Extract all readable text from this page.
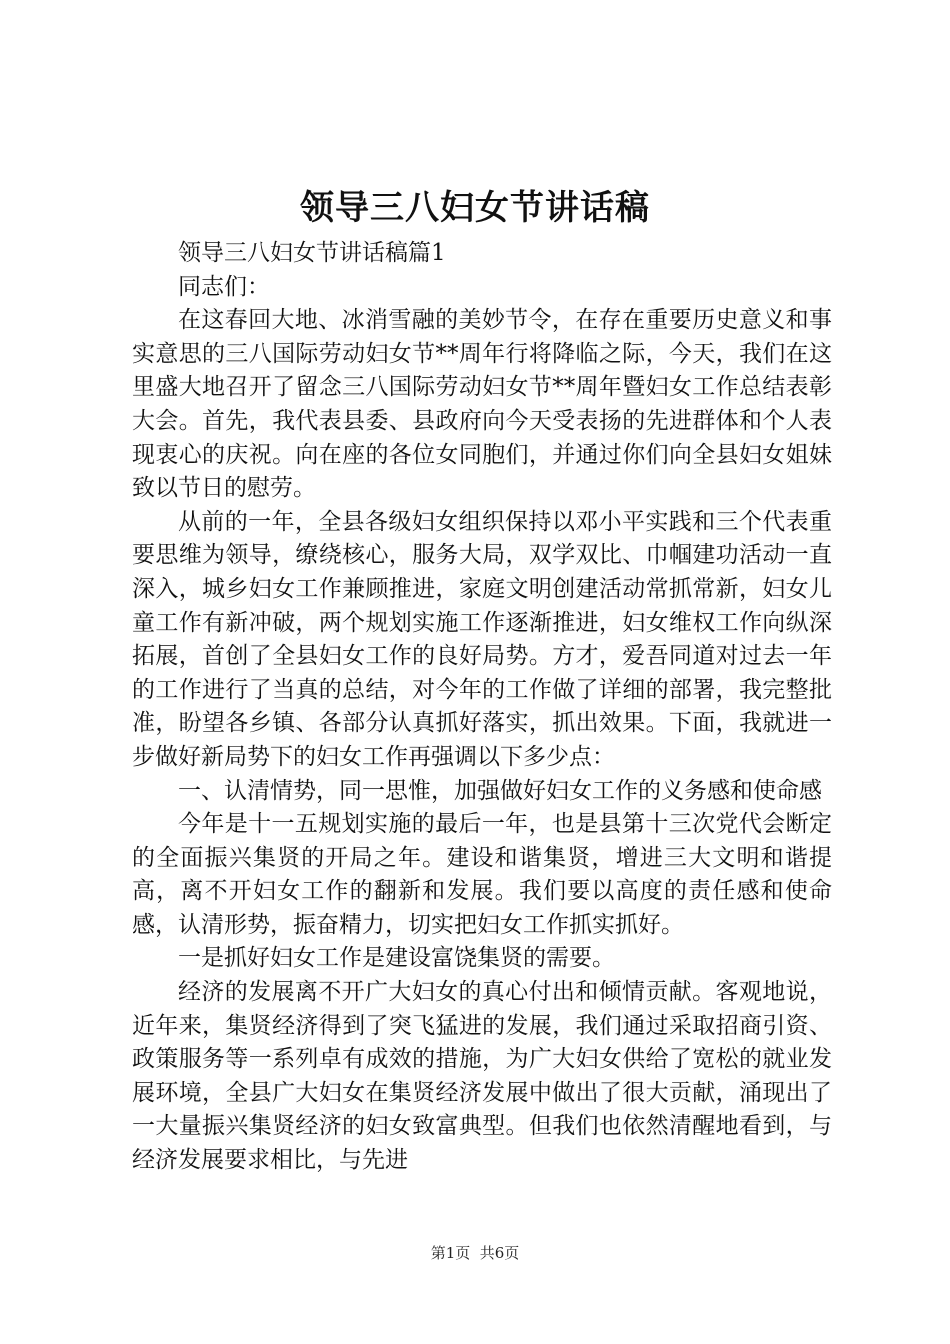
领导三八妇女节讲话稿

领导三八妇女节讲话稿篇1

同志们：

在这春回大地、冰消雪融的美妙节令，在存在重要历史意义和事实意思的三八国际劳动妇女节**周年行将降临之际，今天，我们在这里盛大地召开了留念三八国际劳动妇女节**周年暨妇女工作总结表彰大会。首先，我代表县委、县政府向今天受表扬的先进群体和个人表现衷心的庆祝。向在座的各位女同胞们，并通过你们向全县妇女姐妹致以节日的慰劳。

从前的一年，全县各级妇女组织保持以邓小平实践和三个代表重要思维为领导，缭绕核心，服务大局，双学双比、巾帼建功活动一直深入，城乡妇女工作兼顾推进，家庭文明创建活动常抓常新，妇女儿童工作有新冲破，两个规划实施工作逐渐推进，妇女维权工作向纵深拓展，首创了全县妇女工作的良好局势。方才，爱吾同道对过去一年的工作进行了当真的总结，对今年的工作做了详细的部署，我完整批准，盼望各乡镇、各部分认真抓好落实，抓出效果。下面，我就进一步做好新局势下的妇女工作再强调以下多少点：

一、认清情势，同一思惟，加强做好妇女工作的义务感和使命感

今年是十一五规划实施的最后一年，也是县第十三次党代会断定的全面振兴集贤的开局之年。建设和谐集贤，增进三大文明和谐提高，离不开妇女工作的翻新和发展。我们要以高度的责任感和使命感，认清形势，振奋精力，切实把妇女工作抓实抓好。

一是抓好妇女工作是建设富饶集贤的需要。

经济的发展离不开广大妇女的真心付出和倾情贡献。客观地说，近年来，集贤经济得到了突飞猛进的发展，我们通过采取招商引资、政策服务等一系列卓有成效的措施，为广大妇女供给了宽松的就业发展环境，全县广大妇女在集贤经济发展中做出了很大贡献，涌现出了一大量振兴集贤经济的妇女致富典型。但我们也依然清醒地看到，与经济发展要求相比，与先进

第1页  共6页
